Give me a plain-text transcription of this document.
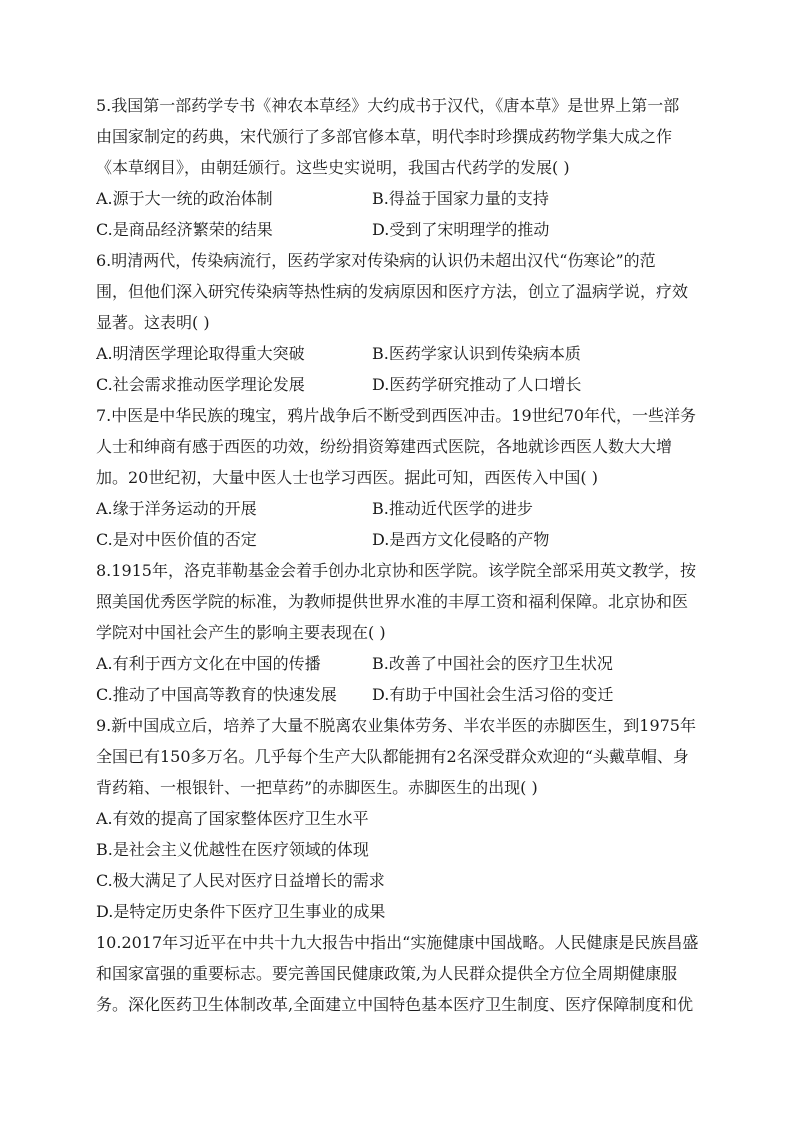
5.我国第一部药学专书《神农本草经》大约成书于汉代，《唐本草》是世界上第一部
由国家制定的药典，宋代颁行了多部官修本草，明代李时珍撰成药物学集大成之作
《本草纲目》，由朝廷颁行。这些史实说明，我国古代药学的发展( )
A.源于大一统的政治体制	B.得益于国家力量的支持
C.是商品经济繁荣的结果	D.受到了宋明理学的推动
6.明清两代，传染病流行，医药学家对传染病的认识仍未超出汉代“伤寒论”的范
围，但他们深入研究传染病等热性病的发病原因和医疗方法，创立了温病学说，疗效
显著。这表明( )
A.明清医学理论取得重大突破	B.医药学家认识到传染病本质
C.社会需求推动医学理论发展	D.医药学研究推动了人口增长
7.中医是中华民族的瑰宝，鸦片战争后不断受到西医冲击。19世纪70年代，一些洋务
人士和绅商有感于西医的功效，纷纷捐资筹建西式医院，各地就诊西医人数大大增
加。20世纪初，大量中医人士也学习西医。据此可知，西医传入中国( )
A.缘于洋务运动的开展	B.推动近代医学的进步
C.是对中医价值的否定	D.是西方文化侵略的产物
8.1915年，洛克菲勒基金会着手创办北京协和医学院。该学院全部采用英文教学，按
照美国优秀医学院的标准，为教师提供世界水准的丰厚工资和福利保障。北京协和医
学院对中国社会产生的影响主要表现在( )
A.有利于西方文化在中国的传播	B.改善了中国社会的医疗卫生状况
C.推动了中国高等教育的快速发展	D.有助于中国社会生活习俗的变迁
9.新中国成立后，培养了大量不脱离农业集体劳务、半农半医的赤脚医生，到1975年
全国已有150多万名。几乎每个生产大队都能拥有2名深受群众欢迎的“头戴草帽、身
背药箱、一根银针、一把草药”的赤脚医生。赤脚医生的出现( )
A.有效的提高了国家整体医疗卫生水平
B.是社会主义优越性在医疗领域的体现
C.极大满足了人民对医疗日益增长的需求
D.是特定历史条件下医疗卫生事业的成果
10.2017年习近平在中共十九大报告中指出“实施健康中国战略。人民健康是民族昌盛
和国家富强的重要标志。要完善国民健康政策,为人民群众提供全方位全周期健康服
务。深化医药卫生体制改革,全面建立中国特色基本医疗卫生制度、医疗保障制度和优
